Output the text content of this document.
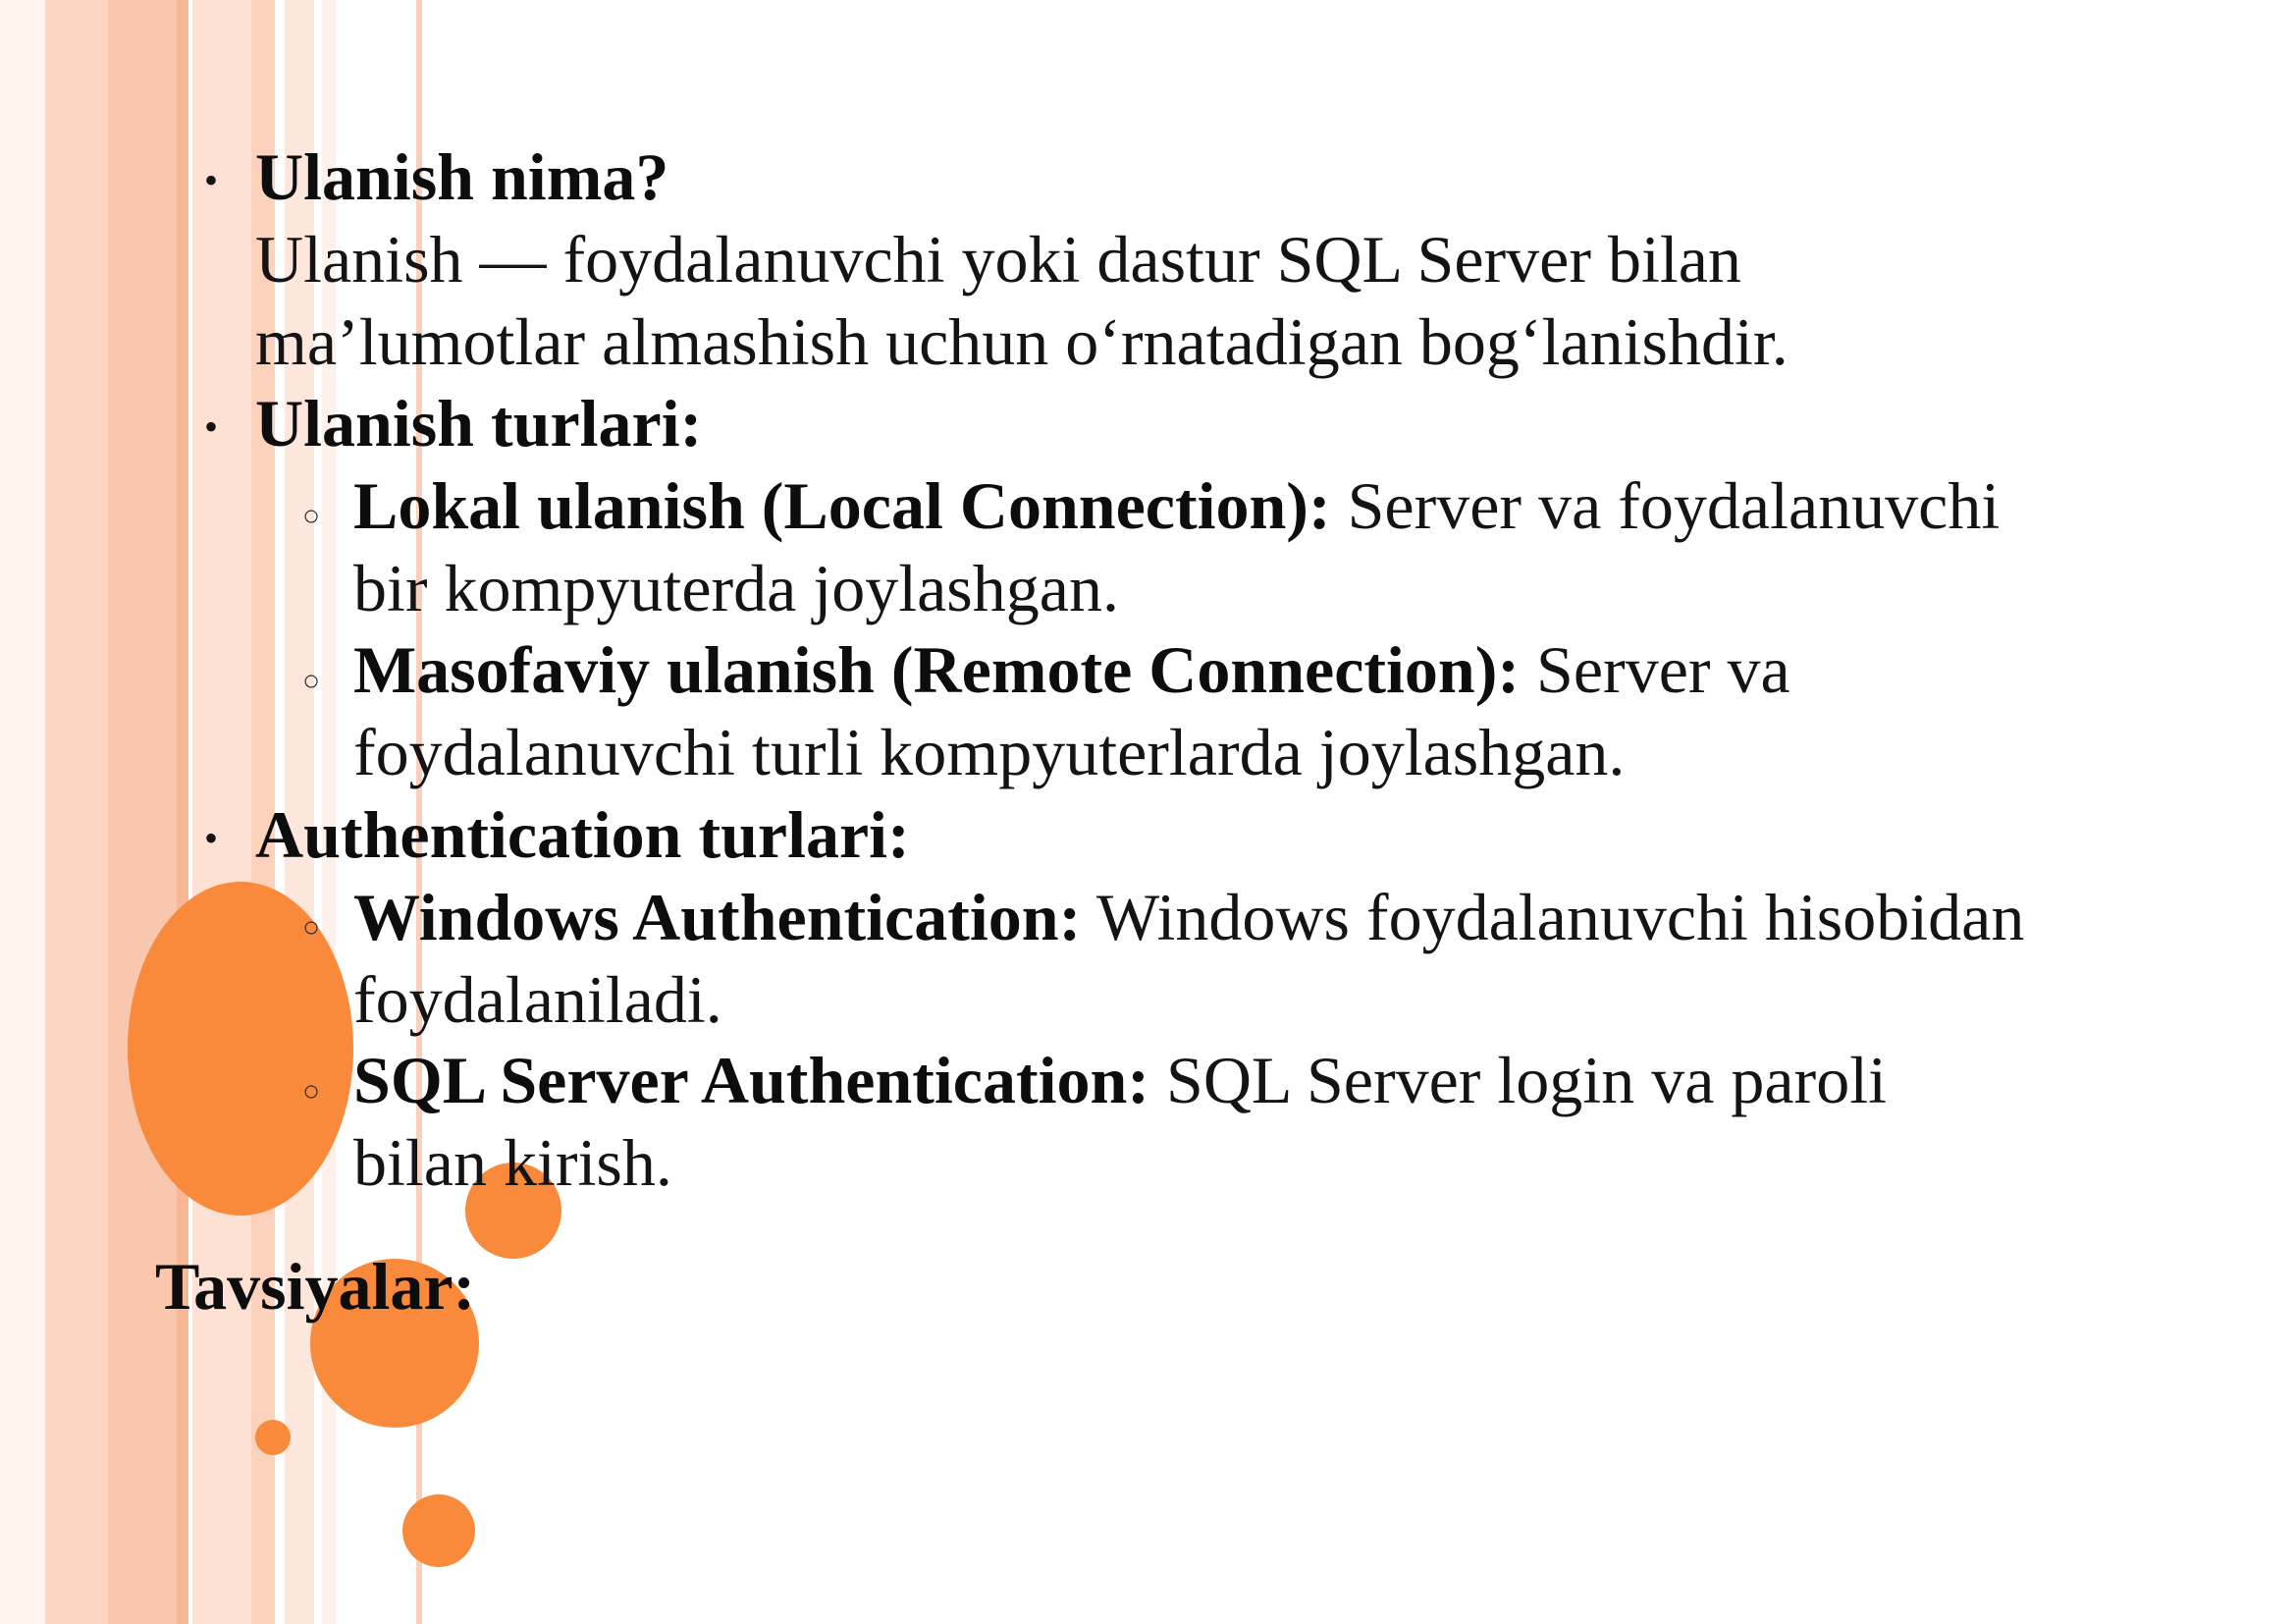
• Ulanish nima?
Ulanish — foydalanuvchi yoki dastur SQL Server bilan
ma’lumotlar almashish uchun o‘rnatadigan bog‘lanishdir.
• Ulanish turlari:
○ Lokal ulanish (Local Connection): Server va foydalanuvchi
bir kompyuterda joylashgan.
○ Masofaviy ulanish (Remote Connection): Server va
foydalanuvchi turli kompyuterlarda joylashgan.
• Authentication turlari:
○ Windows Authentication: Windows foydalanuvchi hisobidan
foydalaniladi.
○ SQL Server Authentication: SQL Server login va paroli
bilan kirish.
Tavsiyalar:
